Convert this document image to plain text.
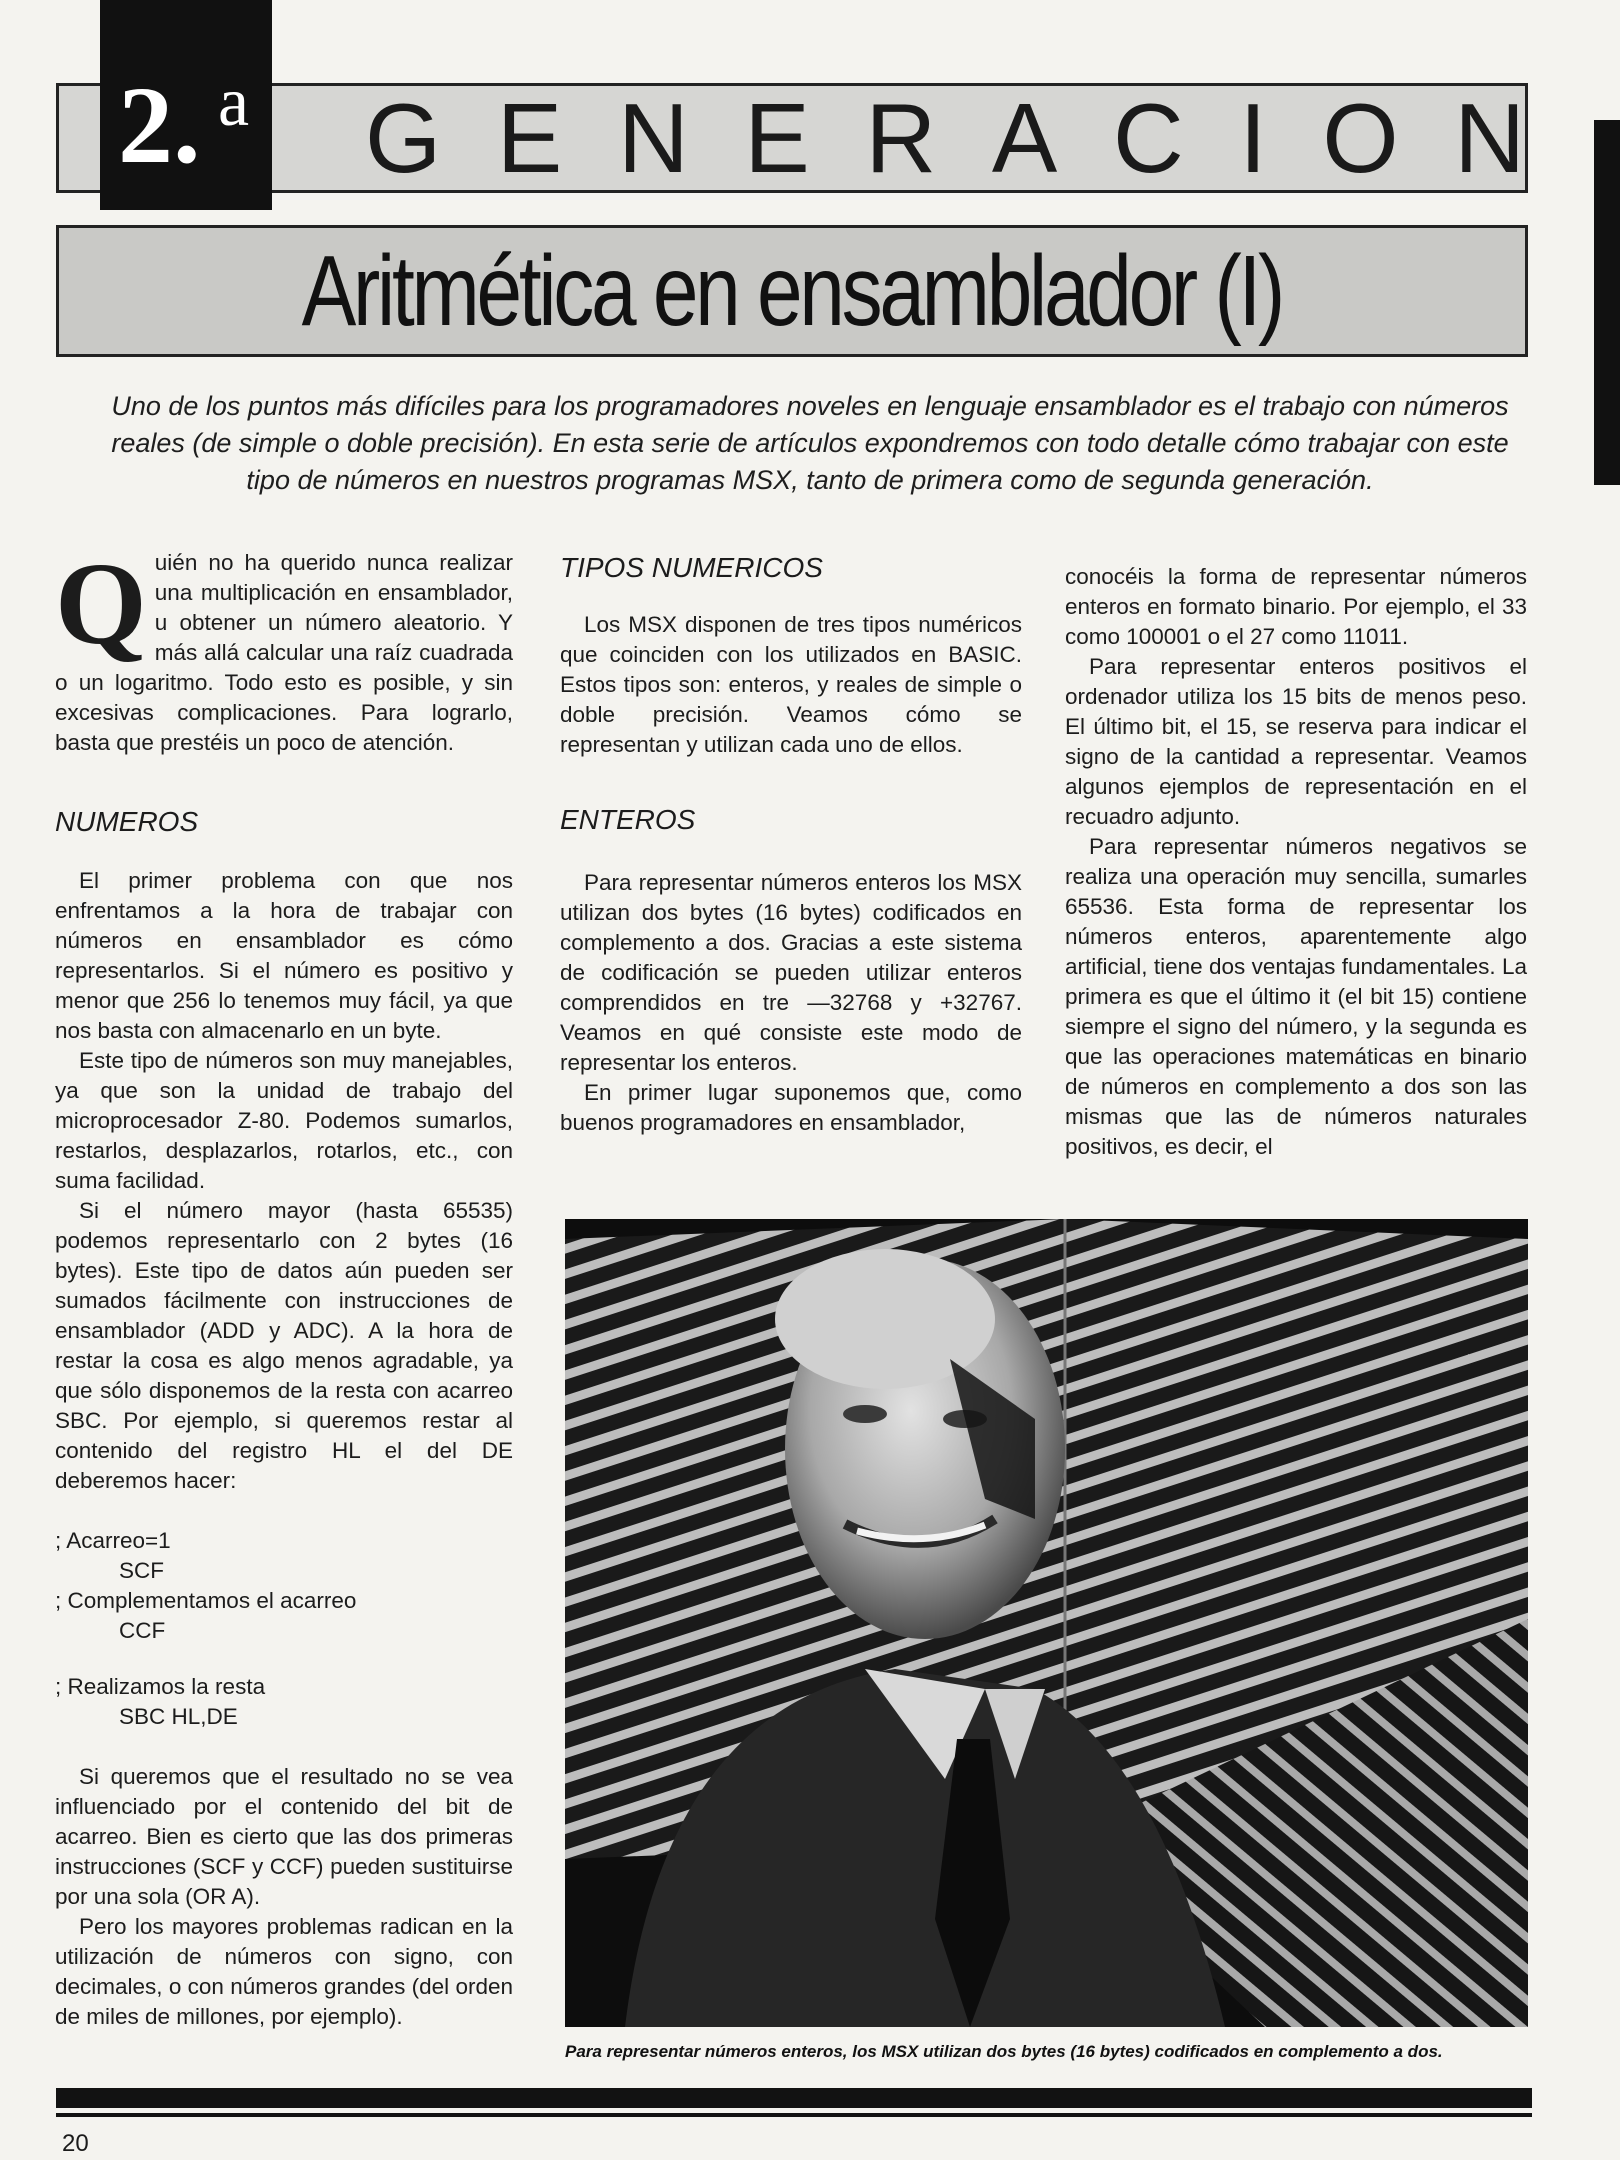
2. a G E N E R A C I O N
Aritmética en ensamblador (I)
Uno de los puntos más difíciles para los programadores noveles en lenguaje ensamblador es el trabajo con números reales (de simple o doble precisión). En esta serie de artículos expondremos con todo detalle cómo trabajar con este tipo de números en nuestros programas MSX, tanto de primera como de segunda generación.

Quién no ha querido nunca realizar una multiplicación en ensamblador, u obtener un número aleatorio. Y más allá calcular una raíz cuadrada o un logaritmo. Todo esto es posible, y sin excesivas complicaciones. Para lograrlo, basta que prestéis un poco de atención.

NUMEROS

El primer problema con que nos enfrentamos a la hora de trabajar con números en ensamblador es cómo representarlos. Si el número es positivo y menor que 256 lo tenemos muy fácil, ya que nos basta con almacenarlo en un byte.

Este tipo de números son muy manejables, ya que son la unidad de trabajo del microprocesador Z-80. Podemos sumarlos, restarlos, desplazarlos, rotarlos, etc., con suma facilidad.

Si el número mayor (hasta 65535) podemos representarlo con 2 bytes (16 bytes). Este tipo de datos aún pueden ser sumados fácilmente con instrucciones de ensamblador (ADD y ADC). A la hora de restar la cosa es algo menos agradable, ya que sólo disponemos de la resta con acarreo SBC. Por ejemplo, si queremos restar al contenido del registro HL el del DE deberemos hacer:

; Acarreo=1
SCF
; Complementamos el acarreo
CCF
; Realizamos la resta
SBC HL,DE

Si queremos que el resultado no se vea influenciado por el contenido del bit de acarreo. Bien es cierto que las dos primeras instrucciones (SCF y CCF) pueden sustituirse por una sola (OR A).

Pero los mayores problemas radican en la utilización de números con signo, con decimales, o con números grandes (del orden de miles de millones, por ejemplo).

TIPOS NUMERICOS

Los MSX disponen de tres tipos numéricos que coinciden con los utilizados en BASIC. Estos tipos son: enteros, y reales de simple o doble precisión. Veamos cómo se representan y utilizan cada uno de ellos.

ENTEROS

Para representar números enteros los MSX utilizan dos bytes (16 bytes) codificados en complemento a dos. Gracias a este sistema de codificación se pueden utilizar enteros comprendidos en tre —32768 y +32767. Veamos en qué consiste este modo de representar los enteros.

En primer lugar suponemos que, como buenos programadores en ensamblador,

conocéis la forma de representar números enteros en formato binario. Por ejemplo, el 33 como 100001 o el 27 como 11011.

Para representar enteros positivos el ordenador utiliza los 15 bits de menos peso. El último bit, el 15, se reserva para indicar el signo de la cantidad a representar. Veamos algunos ejemplos de representación en el recuadro adjunto.

Para representar números negativos se realiza una operación muy sencilla, sumarles 65536. Esta forma de representar los números enteros, aparentemente algo artificial, tiene dos ventajas fundamentales. La primera es que el último it (el bit 15) contiene siempre el signo del número, y la segunda es que las operaciones matemáticas en binario de números en complemento a dos son las mismas que las de números naturales positivos, es decir, el

Para representar números enteros, los MSX utilizan dos bytes (16 bytes) codificados en complemento a dos.
20
